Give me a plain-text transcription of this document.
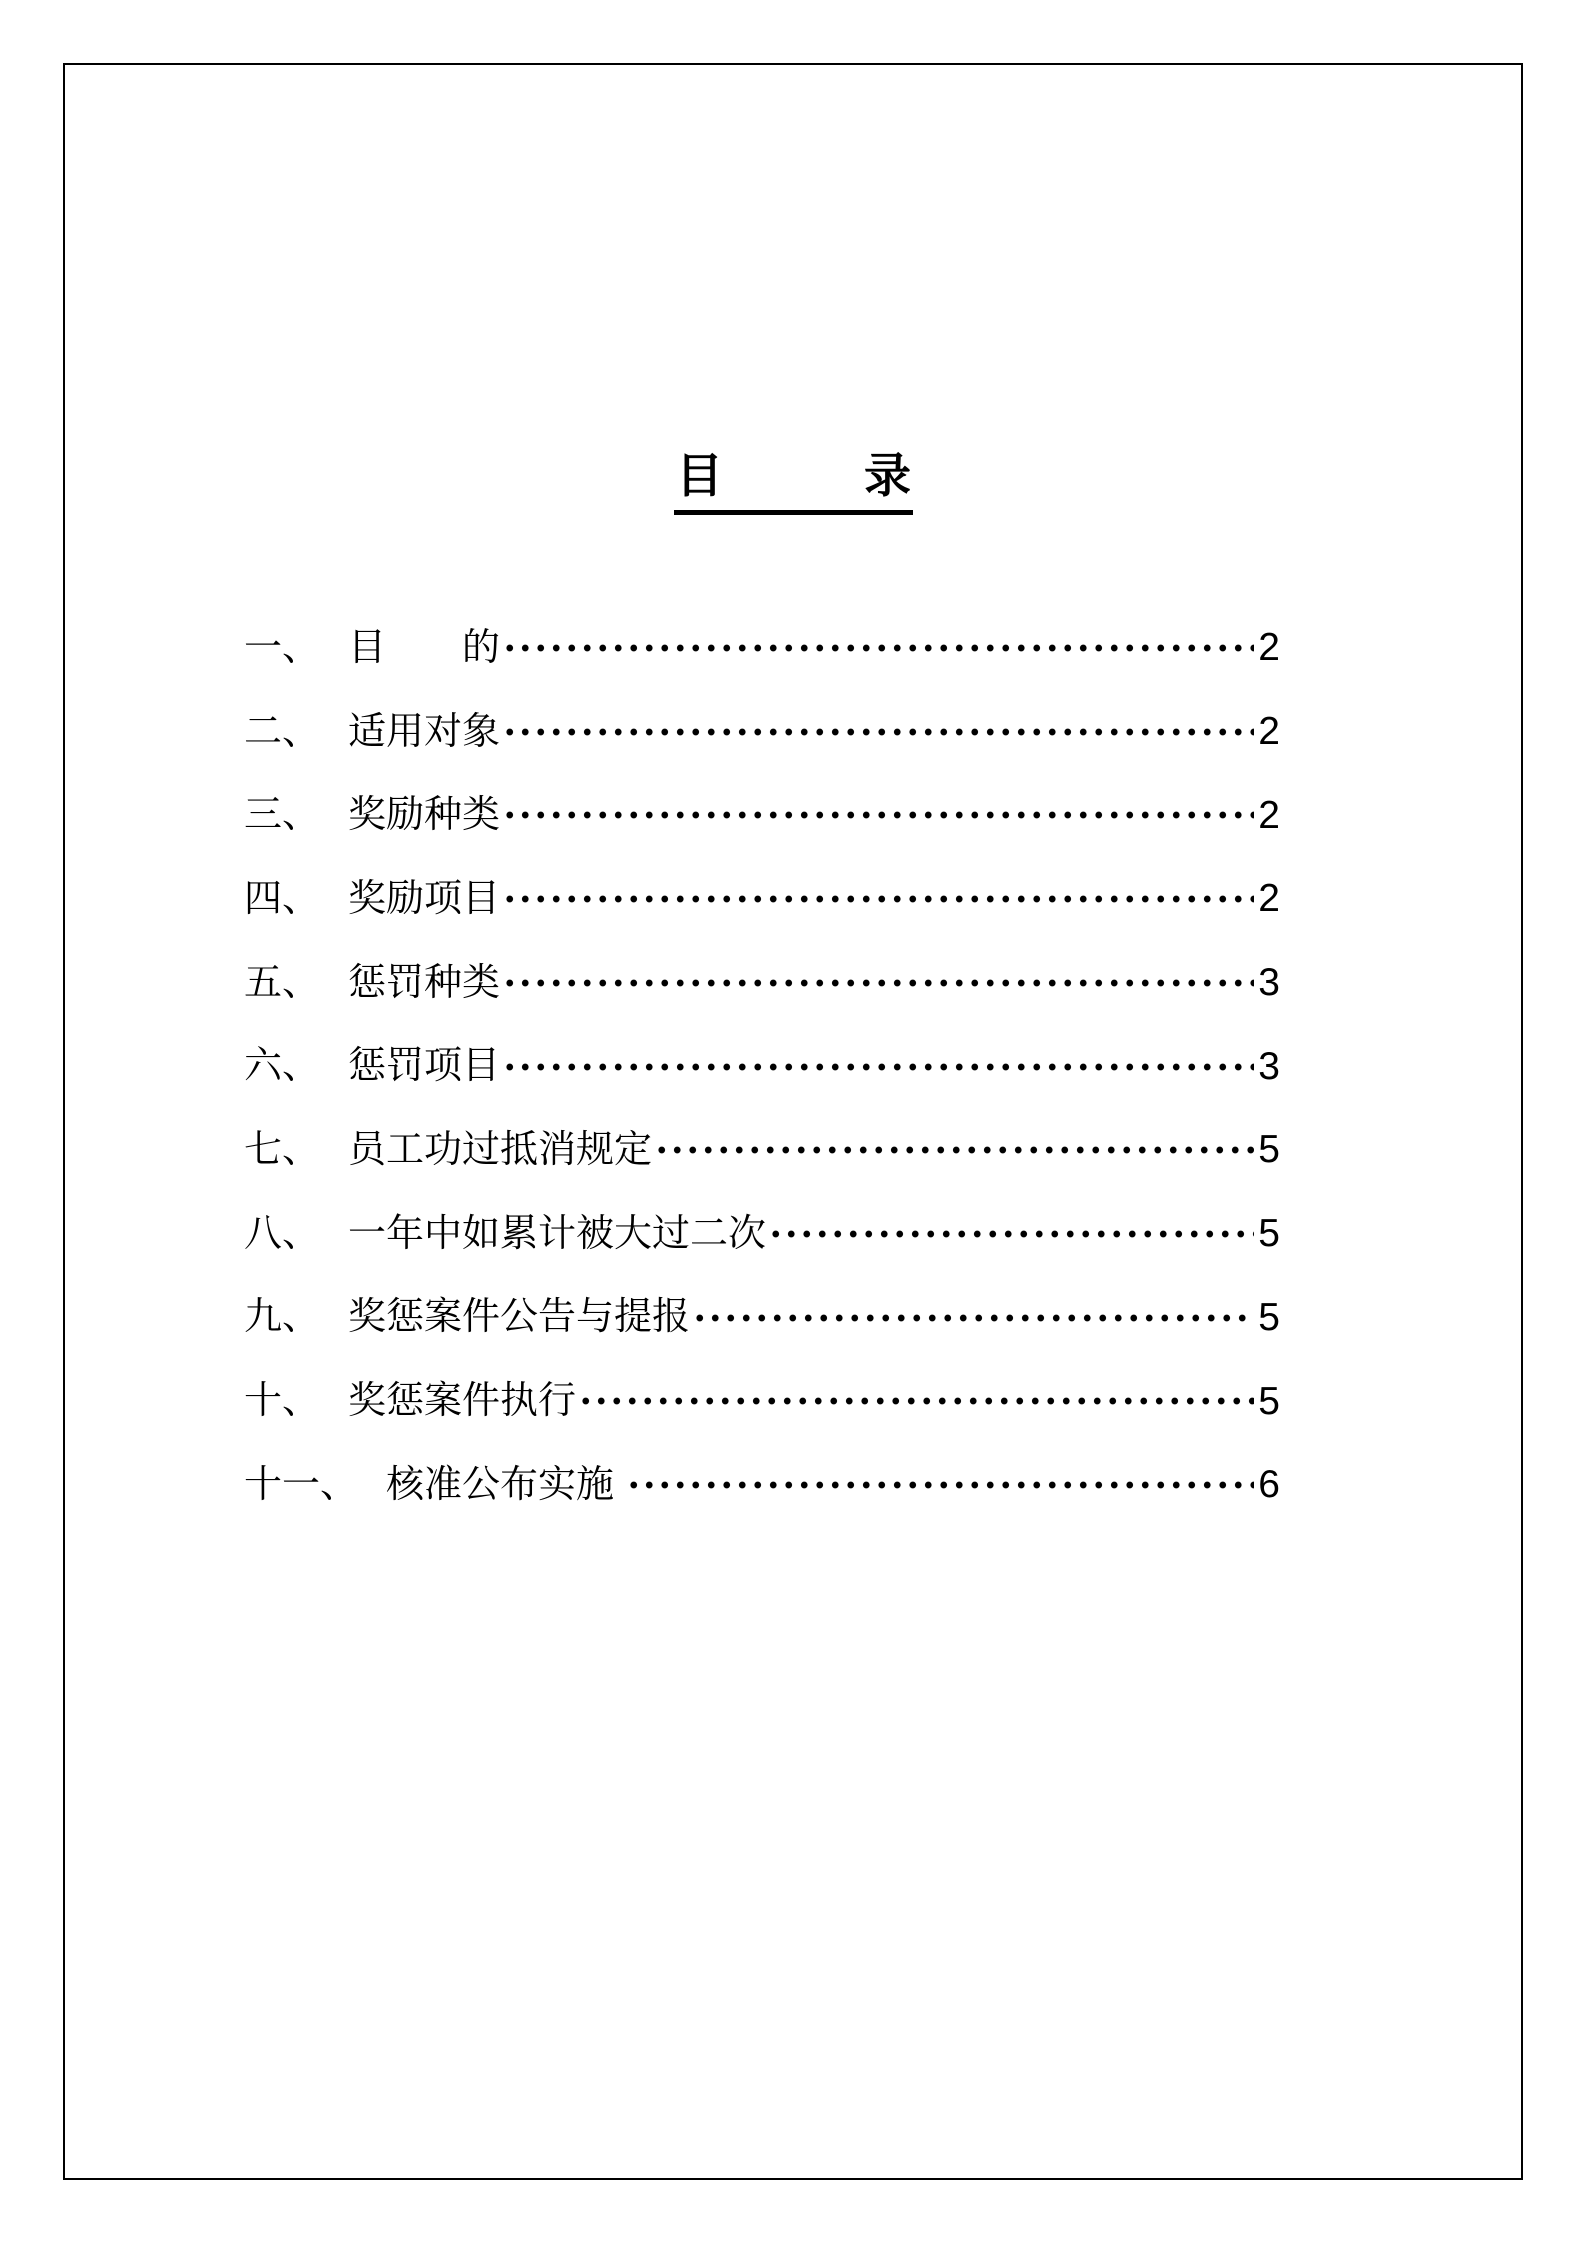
目　　　录
一、 目　　的	2
二、 适用对象	2
三、 奖励种类	2
四、 奖励项目	2
五、 惩罚种类	3
六、 惩罚项目	3
七、 员工功过抵消规定	5
八、 一年中如累计被大过二次	5
九、 奖惩案件公告与提报	5
十、 奖惩案件执行	5
十一、 核准公布实施	6
